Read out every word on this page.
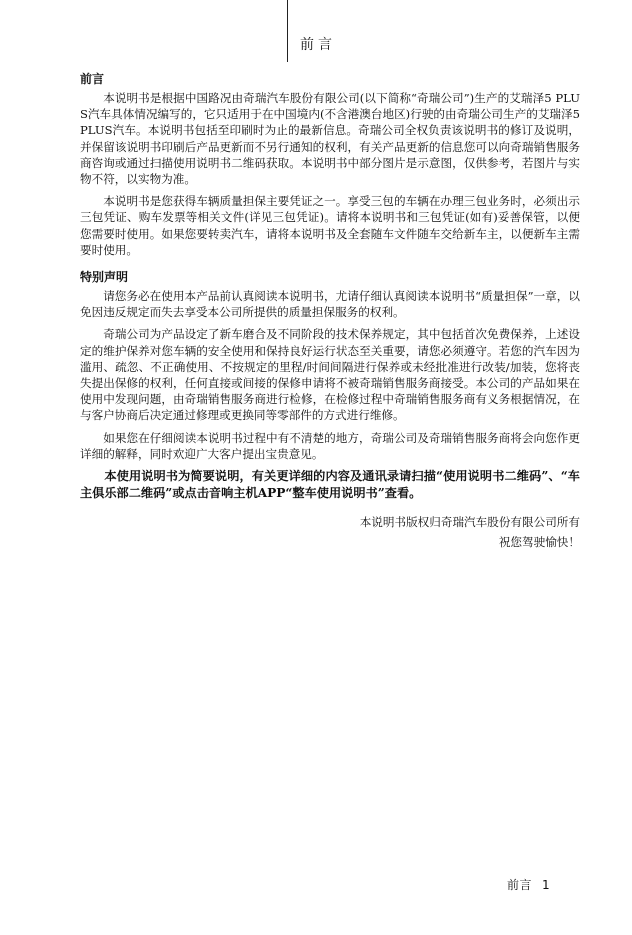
前言
前言

本说明书是根据中国路况由奇瑞汽车股份有限公司(以下简称“奇瑞公司”)生产的艾瑞泽5 PLUS汽车具体情况编写的，它只适用于在中国境内(不含港澳台地区)行驶的由奇瑞公司生产的艾瑞泽5 PLUS汽车。本说明书包括至印刷时为止的最新信息。奇瑞公司全权负责该说明书的修订及说明，并保留该说明书印刷后产品更新而不另行通知的权利，有关产品更新的信息您可以向奇瑞销售服务商咨询或通过扫描使用说明书二维码获取。本说明书中部分图片是示意图，仅供参考，若图片与实物不符，以实物为准。

本说明书是您获得车辆质量担保主要凭证之一。享受三包的车辆在办理三包业务时，必须出示三包凭证、购车发票等相关文件(详见三包凭证)。请将本说明书和三包凭证(如有)妥善保管，以便您需要时使用。如果您要转卖汽车，请将本说明书及全套随车文件随车交给新车主，以便新车主需要时使用。

特别声明

请您务必在使用本产品前认真阅读本说明书，尤请仔细认真阅读本说明书“质量担保”一章，以免因违反规定而失去享受本公司所提供的质量担保服务的权利。

奇瑞公司为产品设定了新车磨合及不同阶段的技术保养规定，其中包括首次免费保养，上述设定的维护保养对您车辆的安全使用和保持良好运行状态至关重要，请您必须遵守。若您的汽车因为滥用、疏忽、不正确使用、不按规定的里程/时间间隔进行保养或未经批准进行改装/加装，您将丧失提出保修的权利，任何直接或间接的保修申请将不被奇瑞销售服务商接受。本公司的产品如果在使用中发现问题，由奇瑞销售服务商进行检修，在检修过程中奇瑞销售服务商有义务根据情况，在与客户协商后决定通过修理或更换同等零部件的方式进行维修。

如果您在仔细阅读本说明书过程中有不清楚的地方，奇瑞公司及奇瑞销售服务商将会向您作更详细的解释，同时欢迎广大客户提出宝贵意见。

本使用说明书为简要说明，有关更详细的内容及通讯录请扫描“使用说明书二维码”、“车主俱乐部二维码”或点击音响主机APP“整车使用说明书”查看。

本说明书版权归奇瑞汽车股份有限公司所有
祝您驾驶愉快！
前言 1
